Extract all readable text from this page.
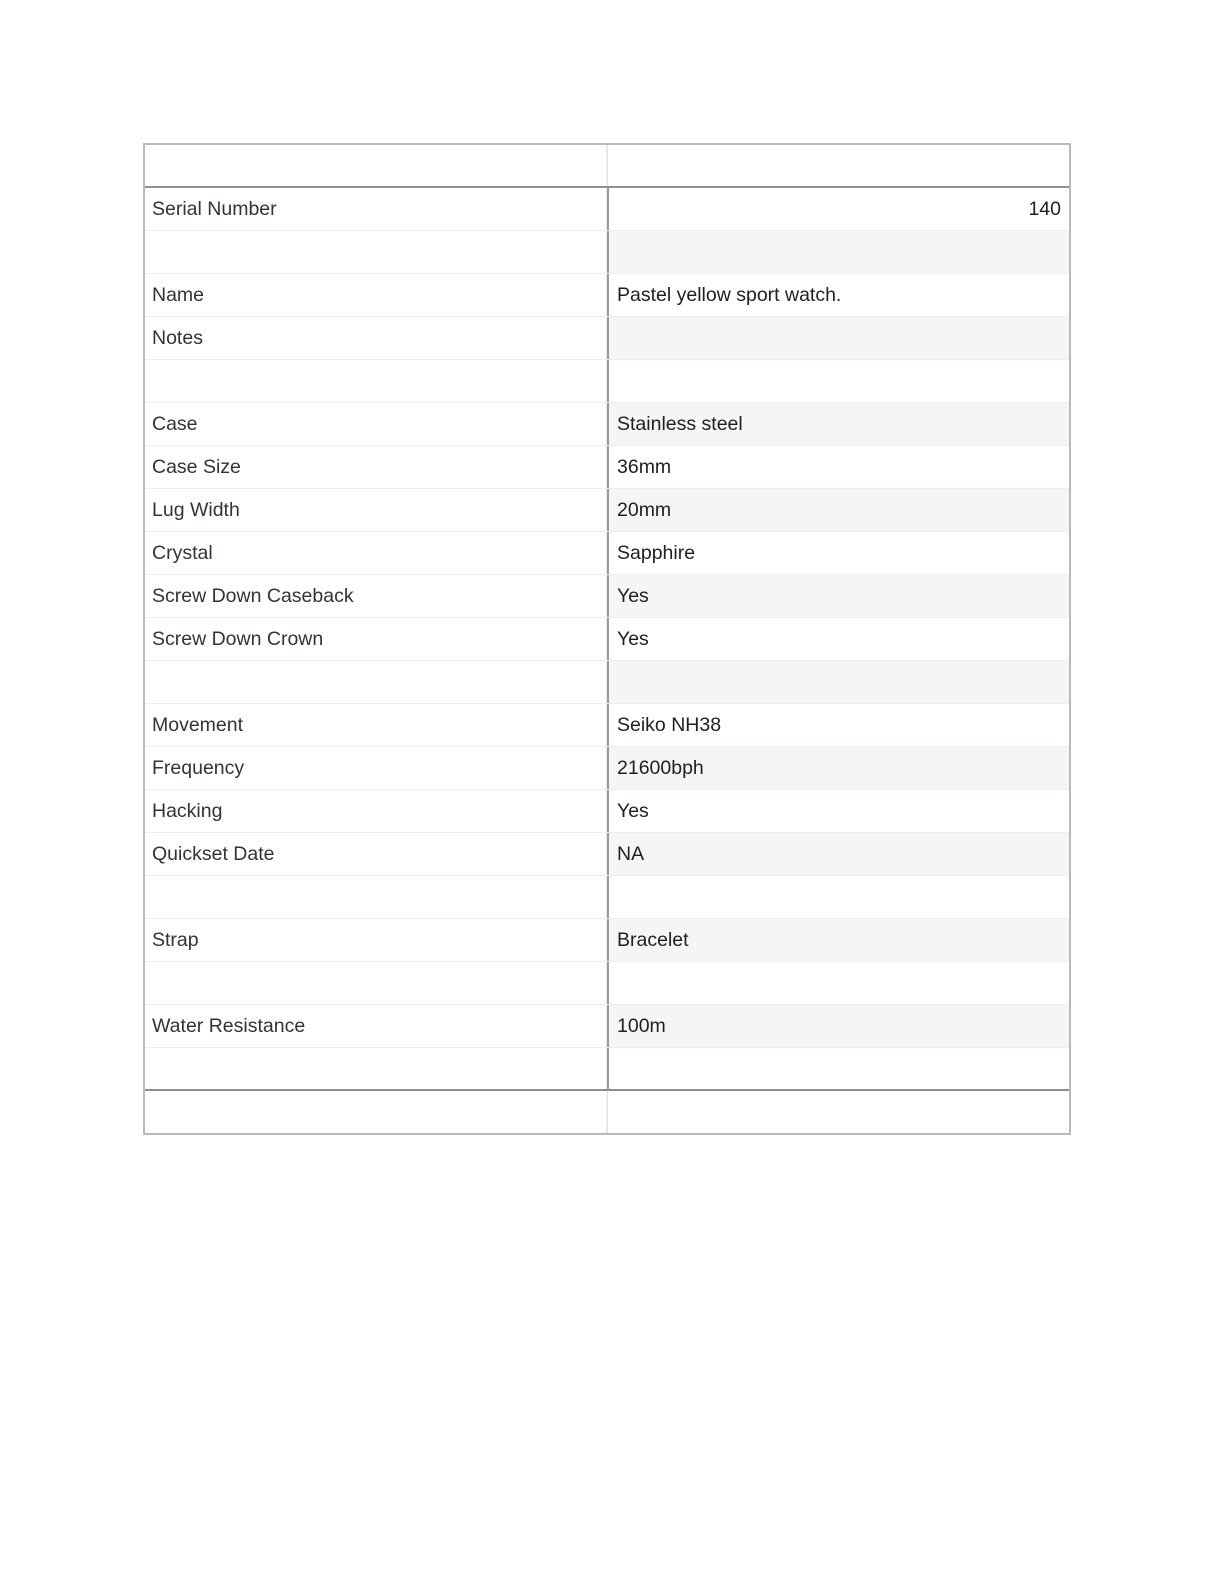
Serial Number	140
Name	Pastel yellow sport watch.
Notes
Case	Stainless steel
Case Size	36mm
Lug Width	20mm
Crystal	Sapphire
Screw Down Caseback	Yes
Screw Down Crown	Yes
Movement	Seiko NH38
Frequency	21600bph
Hacking	Yes
Quickset Date	NA
Strap	Bracelet
Water Resistance	100m
